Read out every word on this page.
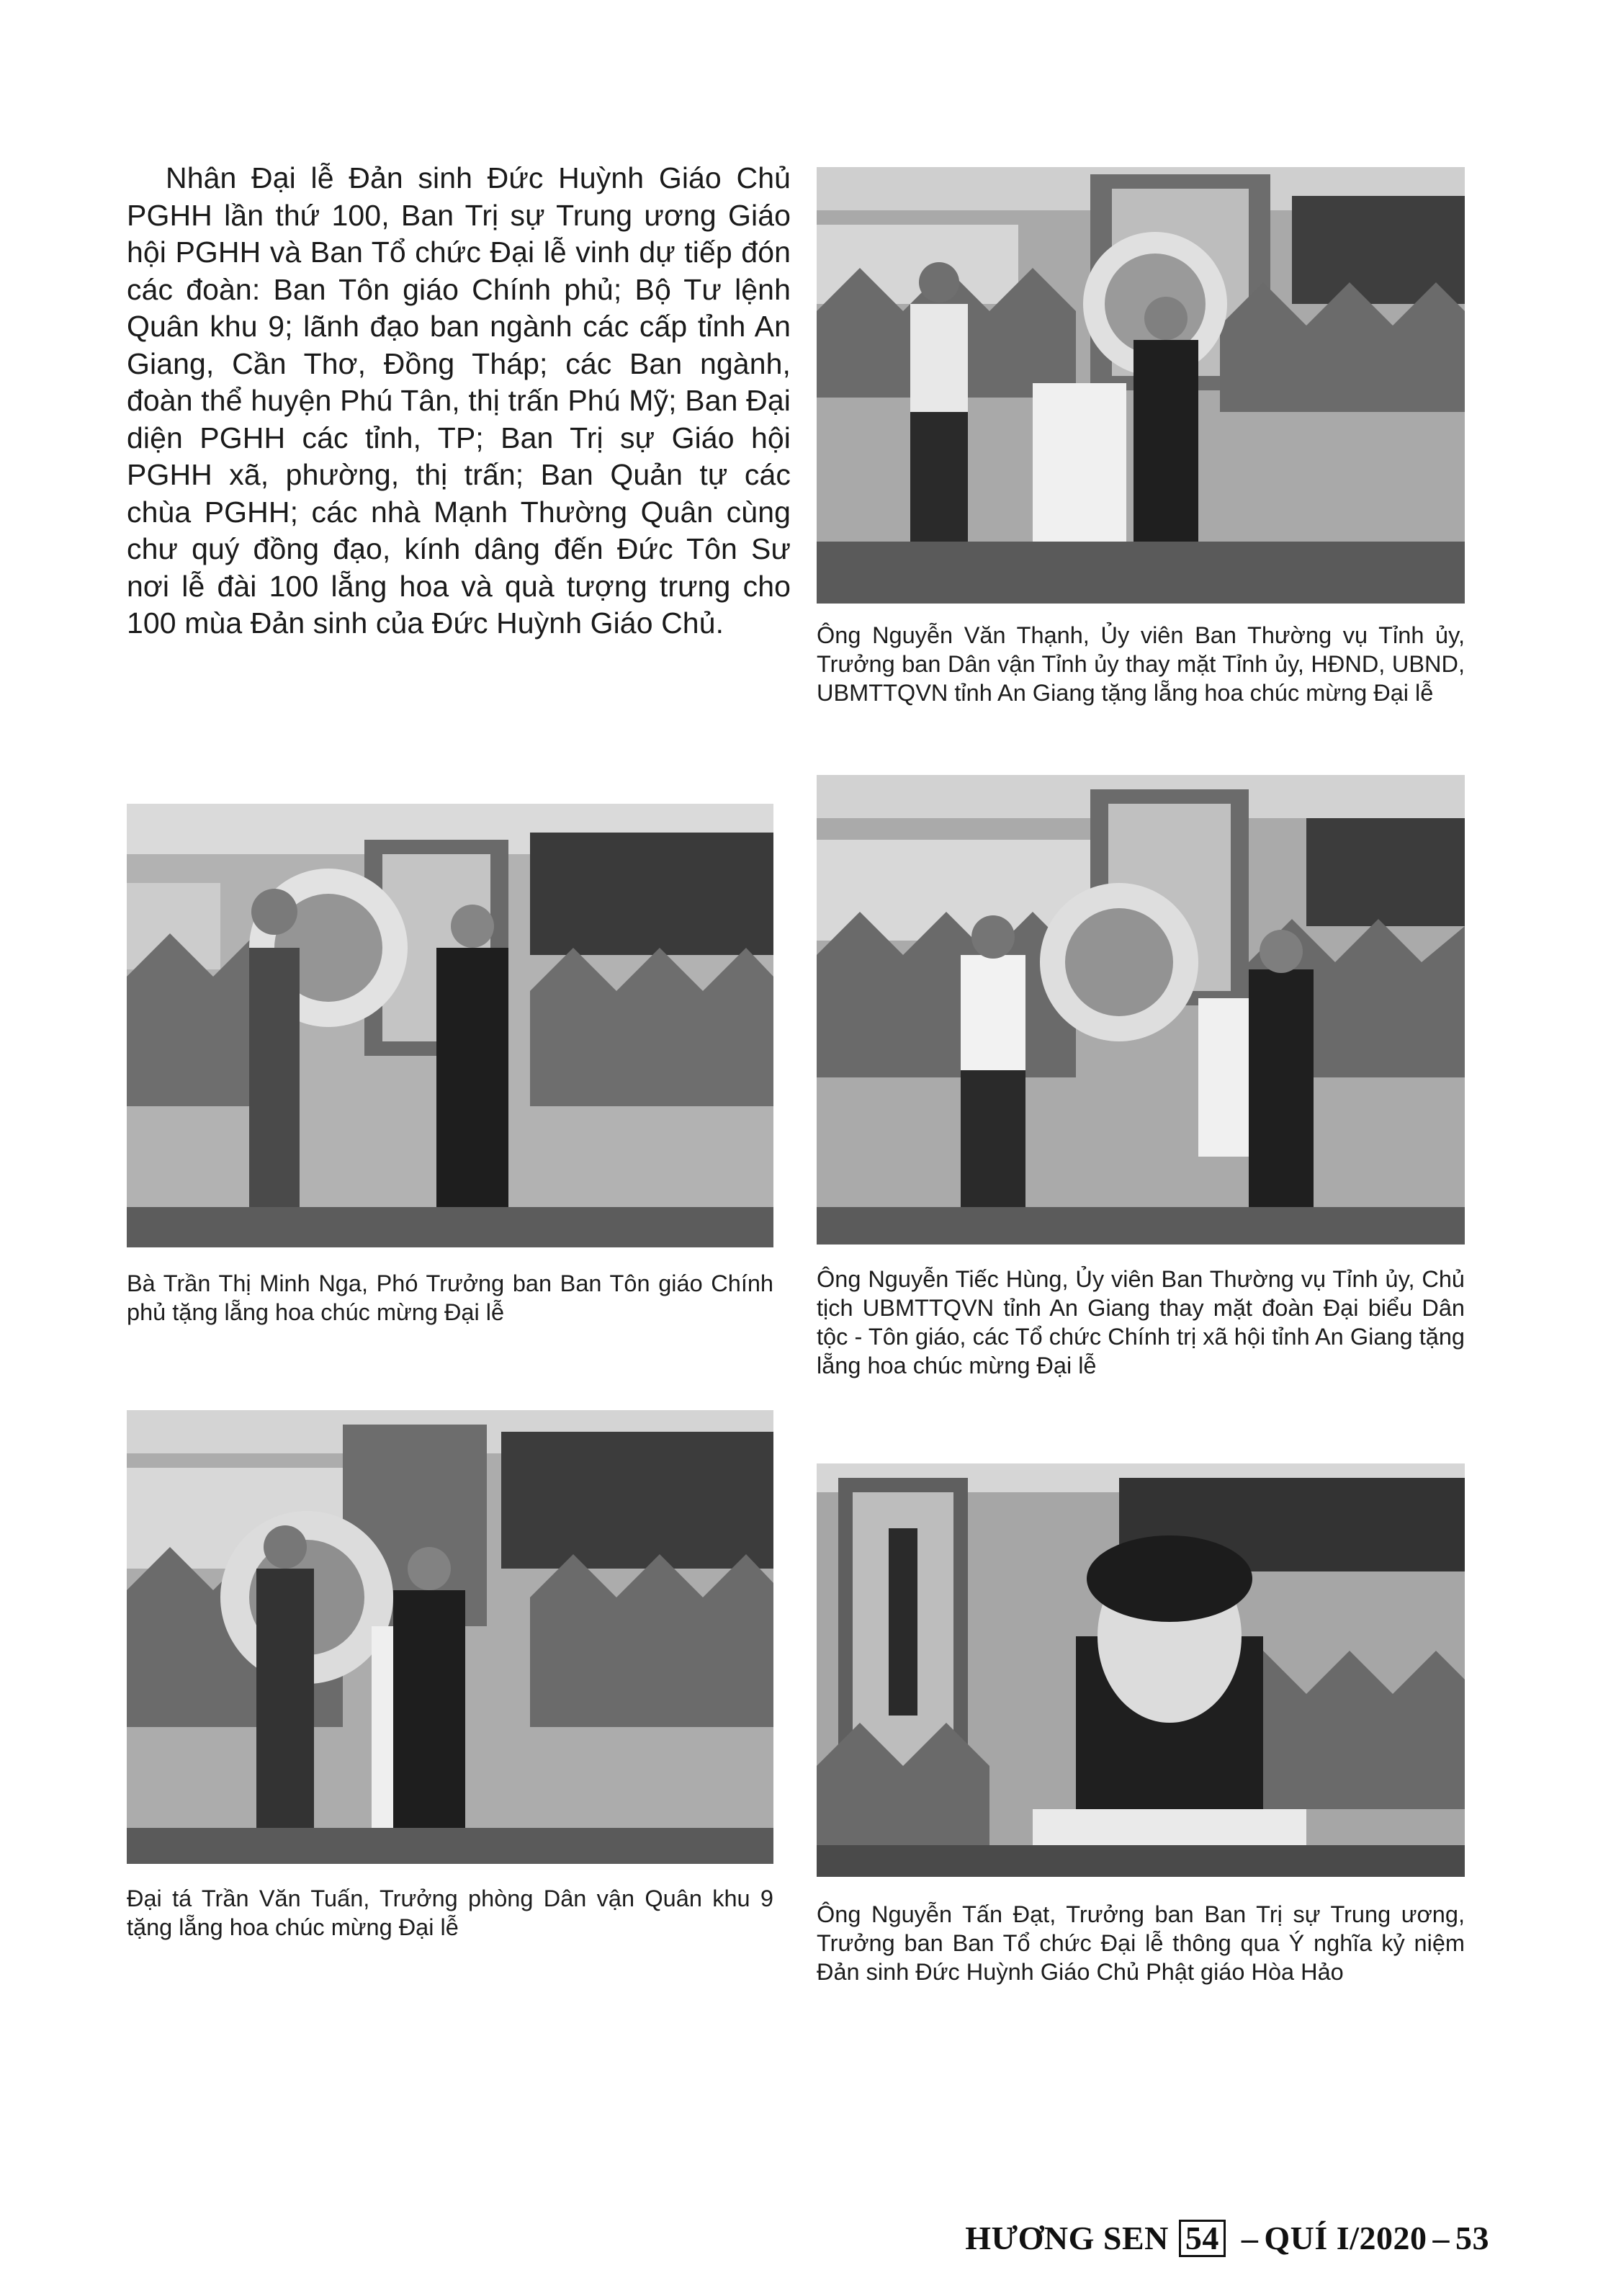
Nhân Đại lễ Đản sinh Đức Huỳnh Giáo Chủ PGHH lần thứ 100, Ban Trị sự Trung ương Giáo hội PGHH và Ban Tổ chức Đại lễ vinh dự tiếp đón các đoàn: Ban Tôn giáo Chính phủ; Bộ Tư lệnh Quân khu 9; lãnh đạo ban ngành các cấp tỉnh An Giang, Cần Thơ, Đồng Tháp; các Ban ngành, đoàn thể huyện Phú Tân, thị trấn Phú Mỹ; Ban Đại diện PGHH các tỉnh, TP; Ban Trị sự Giáo hội PGHH xã, phường, thị trấn; Ban Quản tự các chùa PGHH; các nhà Mạnh Thường Quân cùng chư quý đồng đạo, kính dâng đến Đức Tôn Sư nơi lễ đài 100 lẵng hoa và quà tượng trưng cho 100 mùa Đản sinh của Đức Huỳnh Giáo Chủ.	Ông Nguyễn Văn Thạnh, Ủy viên Ban Thường vụ Tỉnh ủy, Trưởng ban Dân vận Tỉnh ủy thay mặt Tỉnh ủy, HĐND, UBND, UBMTTQVN tỉnh An Giang tặng lẵng hoa chúc mừng Đại lễ

Bà Trần Thị Minh Nga, Phó Trưởng ban Ban Tôn giáo Chính phủ tặng lẵng hoa chúc mừng Đại lễ

Ông Nguyễn Tiếc Hùng, Ủy viên Ban Thường vụ Tỉnh ủy, Chủ tịch UBMTTQVN tỉnh An Giang thay mặt đoàn Đại biểu Dân tộc - Tôn giáo, các Tổ chức Chính trị xã hội tỉnh An Giang tặng lẵng hoa chúc mừng Đại lễ

Đại tá Trần Văn Tuấn, Trưởng phòng Dân vận Quân khu 9 tặng lẵng hoa chúc mừng Đại lễ	Ông Nguyễn Tấn Đạt, Trưởng ban Ban Trị sự Trung ương, Trưởng ban Ban Tổ chức Đại lễ thông qua Ý nghĩa kỷ niệm Đản sinh Đức Huỳnh Giáo Chủ Phật giáo Hòa Hảo

HƯƠNG SEN 54 – QUÍ I/2020 – 53
